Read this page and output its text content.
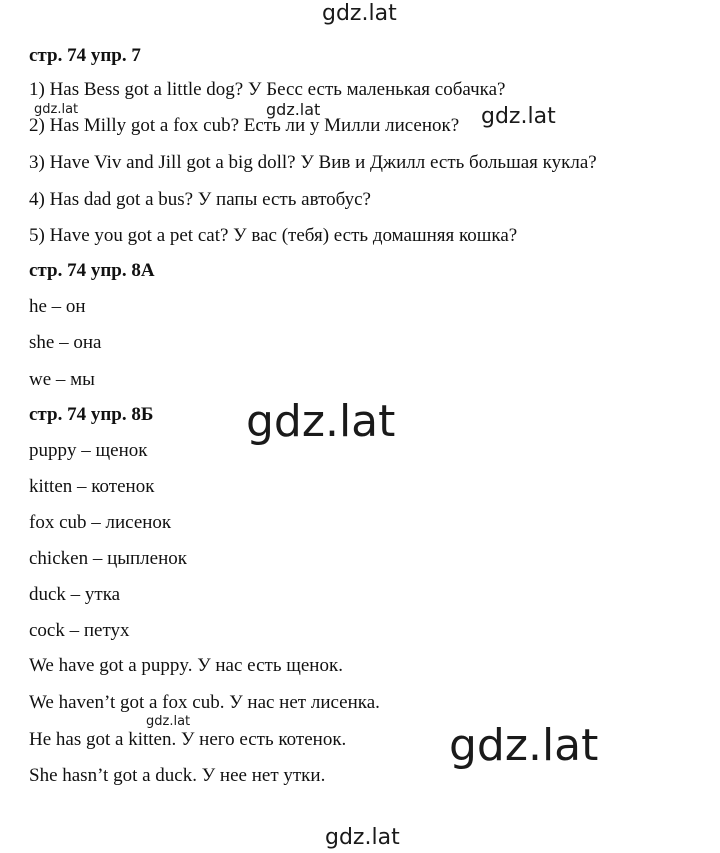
gdz.lat
стр. 74 упр. 7
1) Has Bess got a little dog? У Бесс есть маленькая собачка?
2) Has Milly got a fox cub? Есть ли у Милли лисенок?
3) Have Viv and Jill got a big doll? У Вив и Джилл есть большая кукла?
4) Has dad got a bus? У папы есть автобус?
5) Have you got a pet cat? У вас (тебя) есть домашняя кошка?
стр. 74 упр. 8А
he – он
she – она
we – мы
стр. 74 упр. 8Б
puppy – щенок
kitten – котенок
fox cub – лисенок
chicken – цыпленок
duck – утка
cock – петух
We have got a puppy. У нас есть щенок.
We haven’t got a fox cub. У нас нет лисенка.
He has got a kitten. У него есть котенок.
She hasn’t got a duck. У нее нет утки.
gdz.lat	gdz.lat	gdz.lat
gdz.lat
gdz.lat	gdz.lat
gdz.lat
